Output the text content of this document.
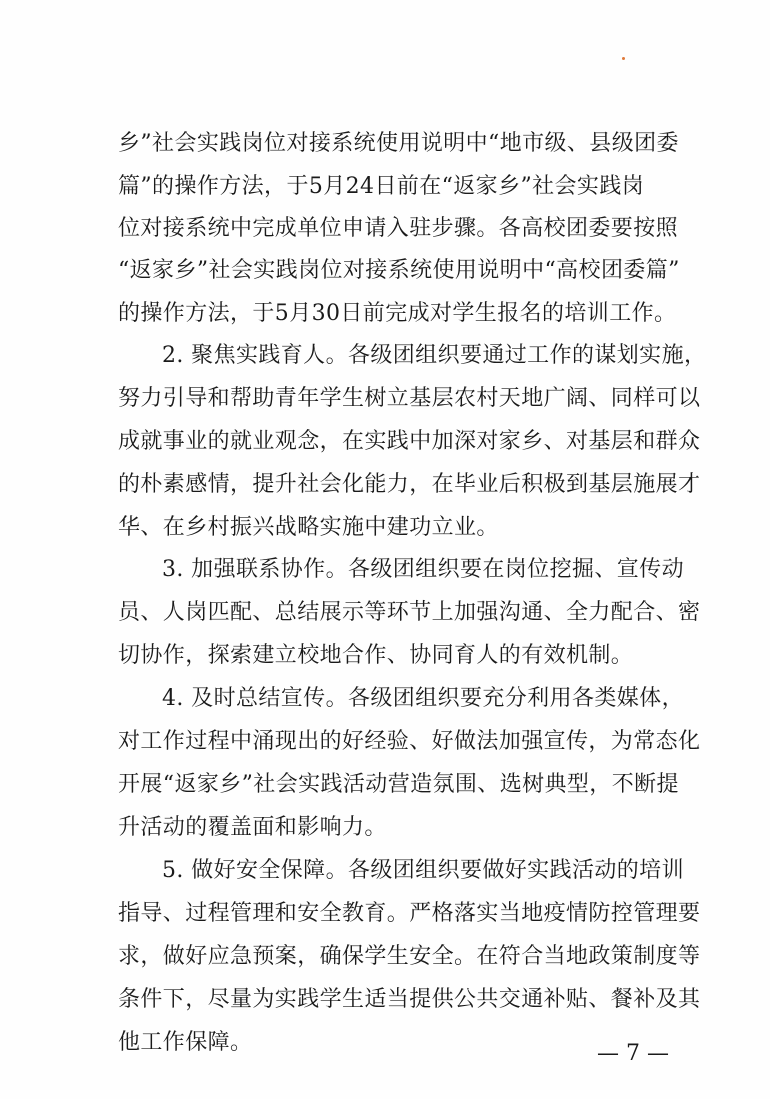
乡”社会实践岗位对接系统使用说明中“地市级、县级团委
篇”的操作方法，于5月24日前在“返家乡”社会实践岗
位对接系统中完成单位申请入驻步骤。各高校团委要按照
“返家乡”社会实践岗位对接系统使用说明中“高校团委篇”
的操作方法，于5月30日前完成对学生报名的培训工作。
2. 聚焦实践育人。各级团组织要通过工作的谋划实施，
努力引导和帮助青年学生树立基层农村天地广阔、同样可以
成就事业的就业观念，在实践中加深对家乡、对基层和群众
的朴素感情，提升社会化能力，在毕业后积极到基层施展才
华、在乡村振兴战略实施中建功立业。
3. 加强联系协作。各级团组织要在岗位挖掘、宣传动
员、人岗匹配、总结展示等环节上加强沟通、全力配合、密
切协作，探索建立校地合作、协同育人的有效机制。
4. 及时总结宣传。各级团组织要充分利用各类媒体，
对工作过程中涌现出的好经验、好做法加强宣传，为常态化
开展“返家乡”社会实践活动营造氛围、选树典型，不断提
升活动的覆盖面和影响力。
5. 做好安全保障。各级团组织要做好实践活动的培训
指导、过程管理和安全教育。严格落实当地疫情防控管理要
求，做好应急预案，确保学生安全。在符合当地政策制度等
条件下，尽量为实践学生适当提供公共交通补贴、餐补及其
他工作保障。	— 7 —
